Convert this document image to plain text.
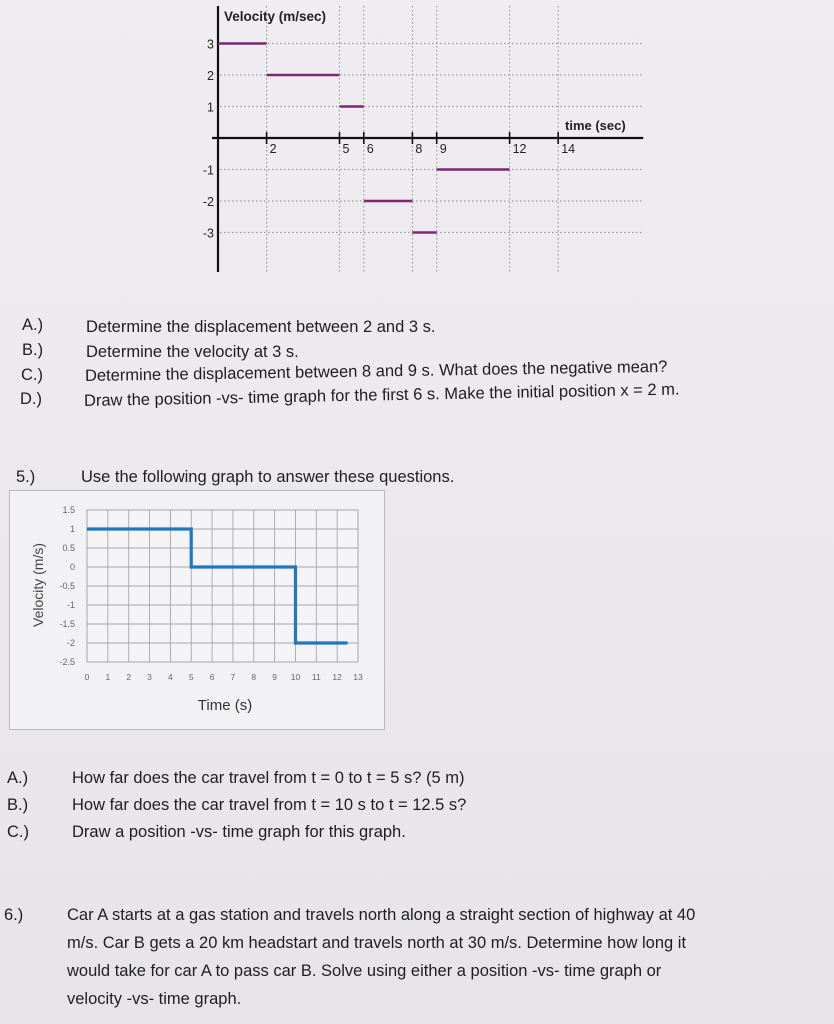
2	5 6	8 9	12	14
3
2
1
-1
-2
-3
Velocity (m/sec)
time (sec)
A.)	Determine the displacement between 2 and 3 s.
B.)	Determine the velocity at 3 s.
C.)	Determine the displacement between 8 and 9 s. What does the negative mean?
D.)	Draw the position -vs- time graph for the first 6 s. Make the initial position x = 2 m.
5.)	Use the following graph to answer these questions.
1.5
1
0.5
0
-0.5
-1
-1.5
-2
-2.5
0 1 2 3 4 5 6 7 8 9 10 11 12 13
Time (s)
Velocity (m/s)
A.)	How far does the car travel from t = 0 to t = 5 s? (5 m)
B.)	How far does the car travel from t = 10 s to t = 12.5 s?
C.)	Draw a position -vs- time graph for this graph.
6.)	Car A starts at a gas station and travels north along a straight section of highway at 40
m/s. Car B gets a 20 km headstart and travels north at 30 m/s. Determine how long it
would take for car A to pass car B. Solve using either a position -vs- time graph or
velocity -vs- time graph.
